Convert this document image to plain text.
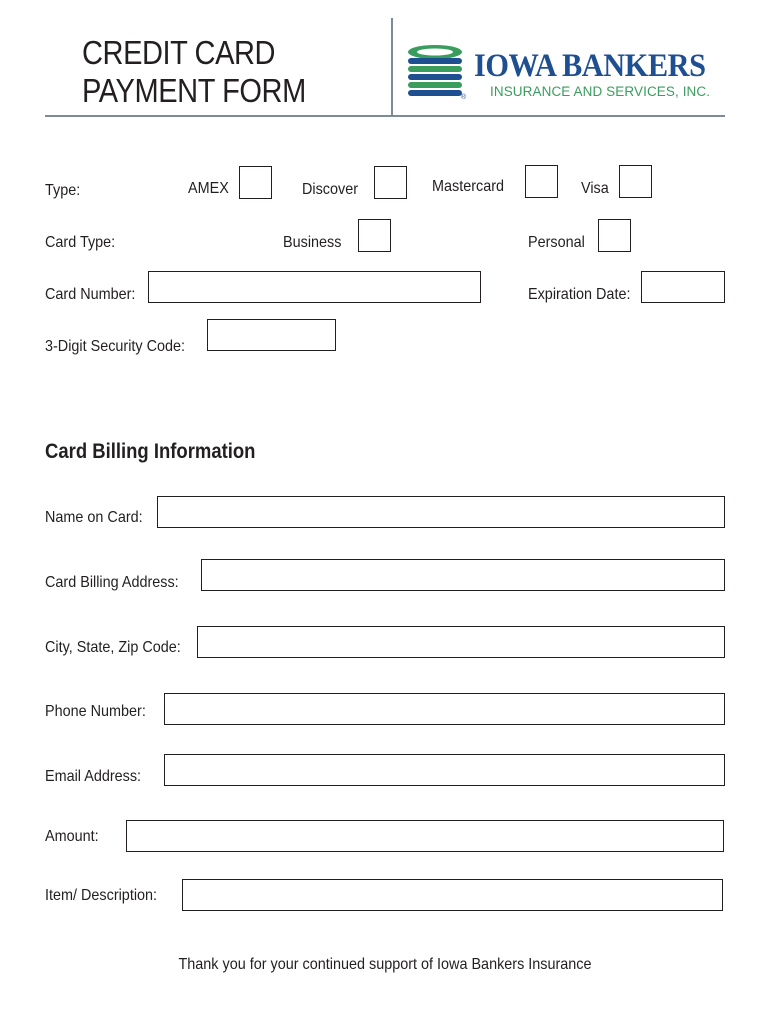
CREDIT CARD
PAYMENT FORM	®
IOWA BANKERS
INSURANCE AND SERVICES, INC.
Type:	AMEX	Discover	Mastercard	Visa
Card Type:	Business	Personal
Card Number:	Expiration Date:
3-Digit Security Code:
Card Billing Information
Name on Card:
Card Billing Address:
City, State, Zip Code:
Phone Number:
Email Address:
Amount:
Item/ Description:
Thank you for your continued support of Iowa Bankers Insurance
